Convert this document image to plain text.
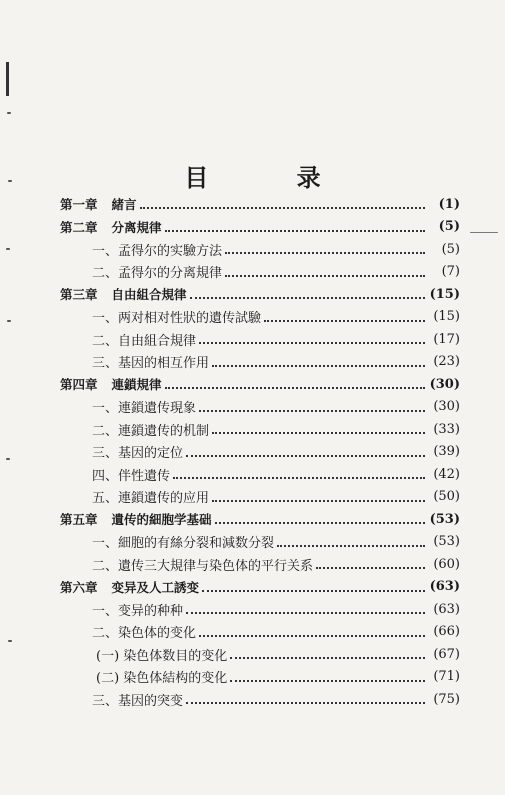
目 录
第一章 緒言	(1)
第二章 分离規律	(5)
一、孟得尔的实驗方法	(5)
二、孟得尔的分离規律	(7)
第三章 自由組合規律	(15)
一、两对相对性狀的遺传試驗	(15)
二、自由組合規律	(17)
三、基因的相互作用	(23)
第四章 連鎖規律	(30)
一、連鎖遺传現象	(30)
二、連鎖遺传的机制	(33)
三、基因的定位	(39)
四、伴性遺传	(42)
五、連鎖遺传的应用	(50)
第五章 遺传的細胞学基础	(53)
一、細胞的有絲分裂和減数分裂	(53)
二、遺传三大規律与染色体的平行关系	(60)
第六章 变异及人工誘变	(63)
一、变异的种种	(63)
二、染色体的变化	(66)
(一) 染色体数目的变化	(67)
(二) 染色体結构的变化	(71)
三、基因的突变	(75)
